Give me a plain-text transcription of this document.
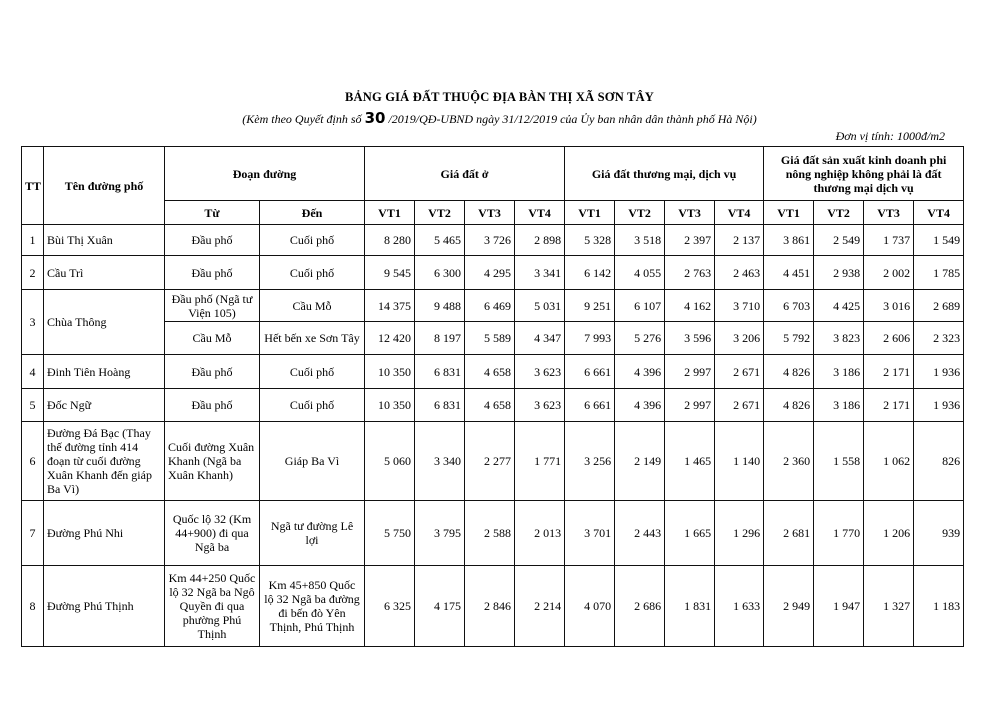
BẢNG GIÁ ĐẤT THUỘC ĐỊA BÀN THỊ XÃ SƠN TÂY
(Kèm theo Quyết định số 30 /2019/QĐ-UBND ngày 31/12/2019 của Ủy ban nhân dân thành phố Hà Nội)
Đơn vị tính: 1000đ/m2
TT	Tên đường phố	Đoạn đường		Giá đất ở				Giá đất thương mại, dịch vụ				Giá đất sản xuất kinh doanh phi nông nghiệp không phải là đất thương mại dịch vụ			
		Từ	Đến	VT1	VT2	VT3	VT4	VT1	VT2	VT3	VT4	VT1	VT2	VT3	VT4
1	Bùi Thị Xuân	Đầu phố	Cuối phố	8 280	5 465	3 726	2 898	5 328	3 518	2 397	2 137	3 861	2 549	1 737	1 549
2	Cầu Trì	Đầu phố	Cuối phố	9 545	6 300	4 295	3 341	6 142	4 055	2 763	2 463	4 451	2 938	2 002	1 785
3	Chùa Thông	Đầu phố (Ngã tư Viện 105)	Cầu Mỗ	14 375	9 488	6 469	5 031	9 251	6 107	4 162	3 710	6 703	4 425	3 016	2 689
		Cầu Mỗ	Hết bến xe Sơn Tây	12 420	8 197	5 589	4 347	7 993	5 276	3 596	3 206	5 792	3 823	2 606	2 323
4	Đinh Tiên Hoàng	Đầu phố	Cuối phố	10 350	6 831	4 658	3 623	6 661	4 396	2 997	2 671	4 826	3 186	2 171	1 936
5	Đốc Ngữ	Đầu phố	Cuối phố	10 350	6 831	4 658	3 623	6 661	4 396	2 997	2 671	4 826	3 186	2 171	1 936
6	Đường Đá Bạc (Thay thế đường tỉnh 414 đoạn từ cuối đường Xuân Khanh đến giáp Ba Vì)	Cuối đường Xuân Khanh (Ngã ba Xuân Khanh)	Giáp Ba Vì	5 060	3 340	2 277	1 771	3 256	2 149	1 465	1 140	2 360	1 558	1 062	826
7	Đường Phú Nhi	Quốc lộ 32 (Km 44+900) đi qua Ngã ba	Ngã tư đường Lê lợi	5 750	3 795	2 588	2 013	3 701	2 443	1 665	1 296	2 681	1 770	1 206	939
8	Đường Phú Thịnh	Km 44+250 Quốc lộ 32 Ngã ba Ngô Quyền đi qua phường Phú Thịnh	Km 45+850 Quốc lộ 32 Ngã ba đường đi bến đò Yên Thịnh, Phú Thịnh	6 325	4 175	2 846	2 214	4 070	2 686	1 831	1 633	2 949	1 947	1 327	1 183
